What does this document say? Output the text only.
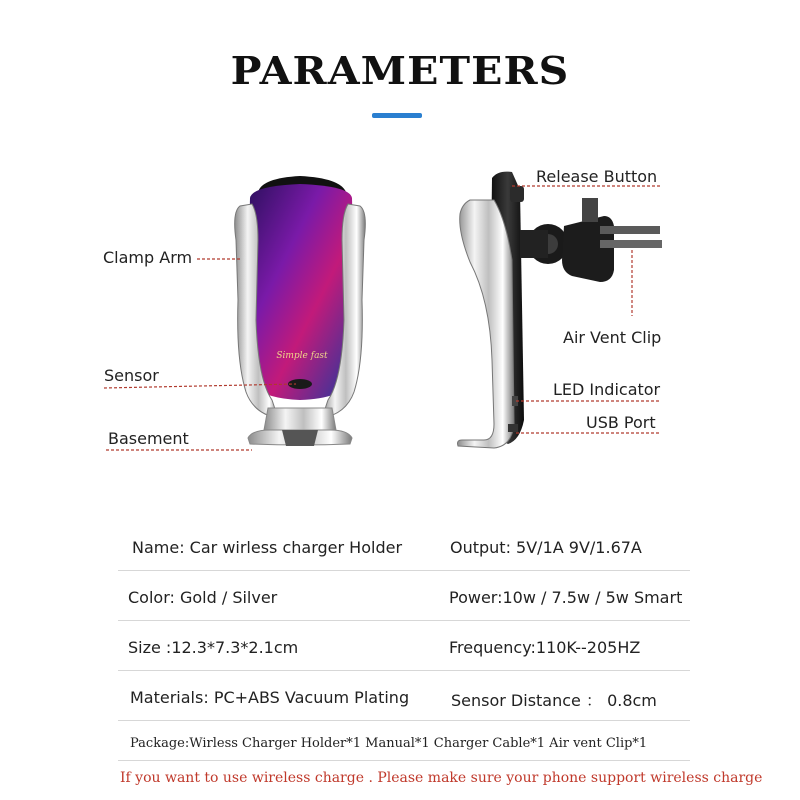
PARAMETERS
Simple fast
Clamp Arm
Sensor
Basement
Release Button
Air Vent Clip
LED Indicator
USB Port
Name: Car wirless charger Holder	Output: 5V/1A 9V/1.67A
Color: Gold / Silver	Power:10w / 7.5w / 5w Smart
Size :12.3*7.3*2.1cm	Frequency:110K--205HZ
Materials: PC+ABS Vacuum Plating	Sensor Distance ： 0.8cm
Package:Wirless Charger Holder*1 Manual*1 Charger Cable*1 Air vent Clip*1
If you want to use wireless charge . Please make sure your phone support wireless charge
